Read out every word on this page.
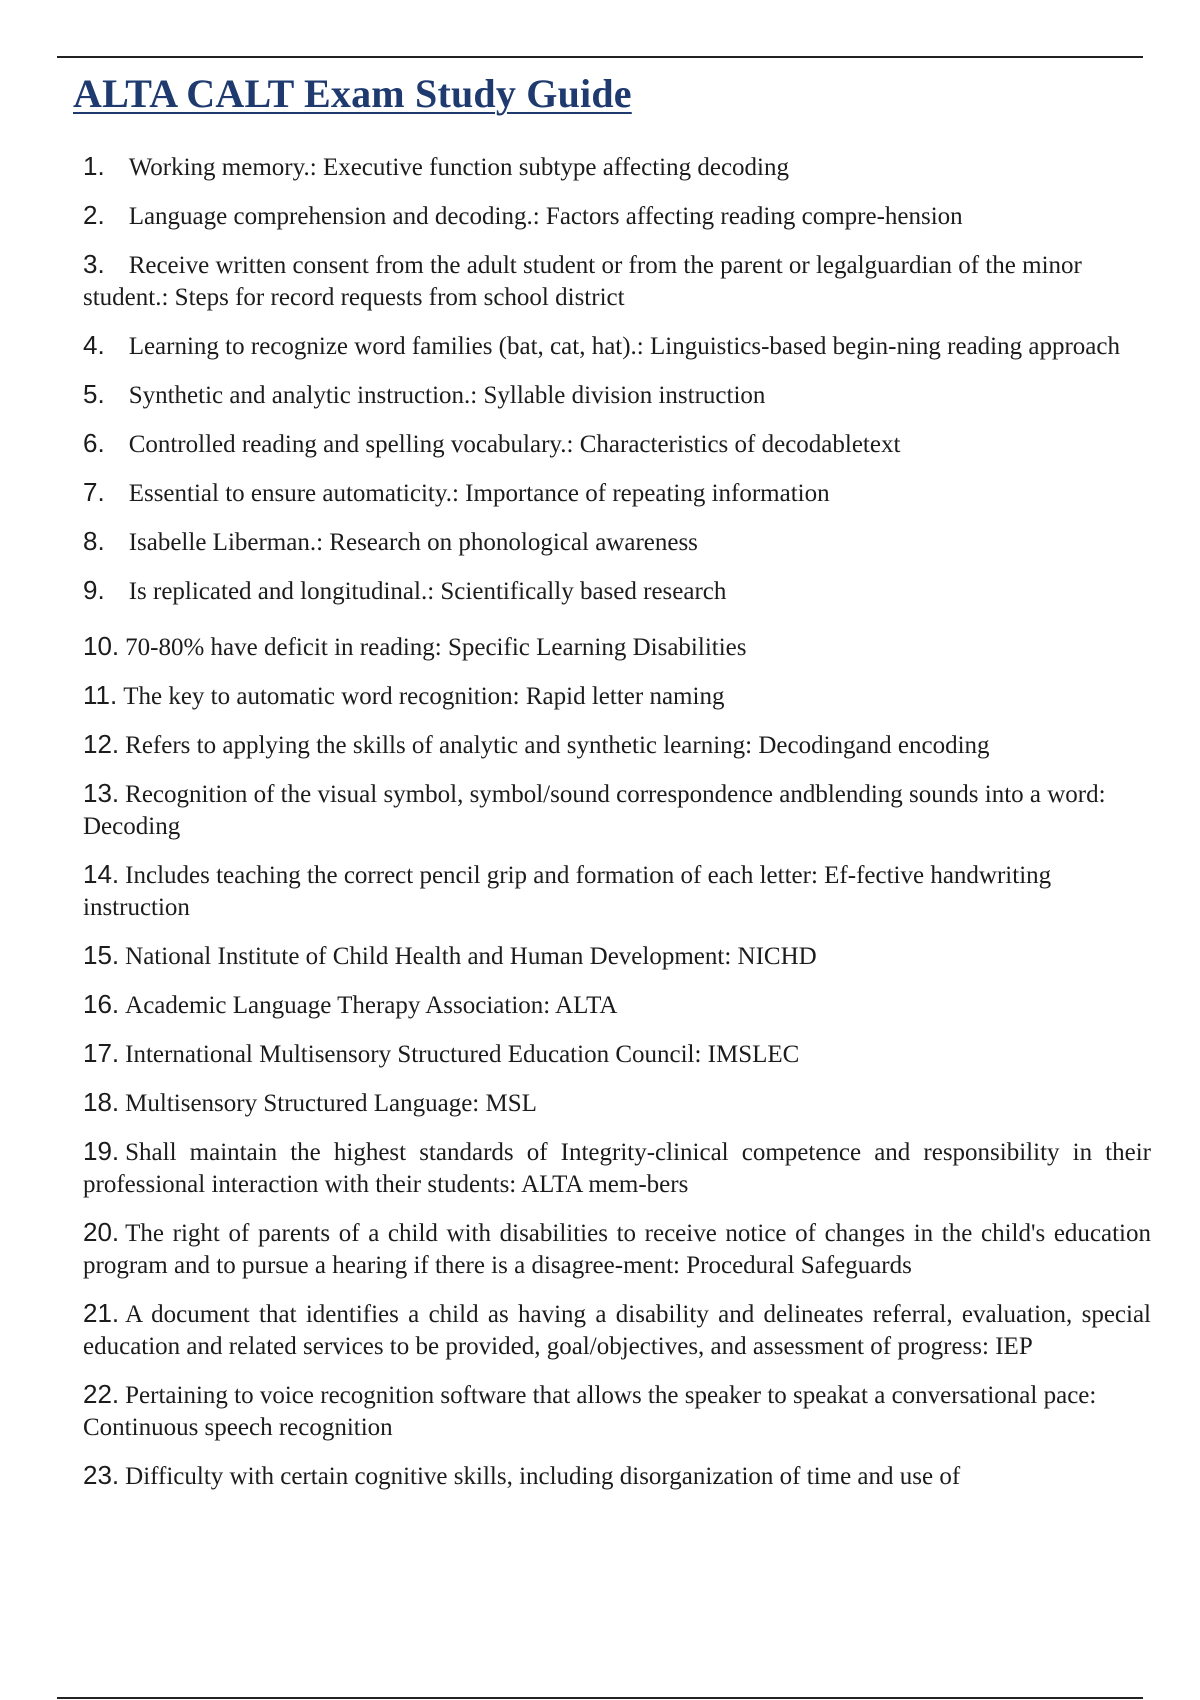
ALTA CALT Exam Study Guide
1. Working memory.: Executive function subtype affecting decoding
2. Language comprehension and decoding.: Factors affecting reading compre-hension
3. Receive written consent from the adult student or from the parent or legalguardian of the minor student.: Steps for record requests from school district
4. Learning to recognize word families (bat, cat, hat).: Linguistics-based begin-ning reading approach
5. Synthetic and analytic instruction.: Syllable division instruction
6. Controlled reading and spelling vocabulary.: Characteristics of decodabletext
7. Essential to ensure automaticity.: Importance of repeating information
8. Isabelle Liberman.: Research on phonological awareness
9. Is replicated and longitudinal.: Scientifically based research
10. 70-80% have deficit in reading: Specific Learning Disabilities
11. The key to automatic word recognition: Rapid letter naming
12. Refers to applying the skills of analytic and synthetic learning: Decodingand encoding
13. Recognition of the visual symbol, symbol/sound correspondence andblending sounds into a word: Decoding
14. Includes teaching the correct pencil grip and formation of each letter: Ef-fective handwriting instruction
15. National Institute of Child Health and Human Development: NICHD
16. Academic Language Therapy Association: ALTA
17. International Multisensory Structured Education Council: IMSLEC
18. Multisensory Structured Language: MSL
19. Shall maintain the highest standards of Integrity-clinical competence and responsibility in their professional interaction with their students: ALTA mem-bers
20. The right of parents of a child with disabilities to receive notice of changes in the child's education program and to pursue a hearing if there is a disagree-ment: Procedural Safeguards
21. A document that identifies a child as having a disability and delineates referral, evaluation, special education and related services to be provided, goal/objectives, and assessment of progress: IEP
22. Pertaining to voice recognition software that allows the speaker to speakat a conversational pace: Continuous speech recognition
23. Difficulty with certain cognitive skills, including disorganization of time and use of
